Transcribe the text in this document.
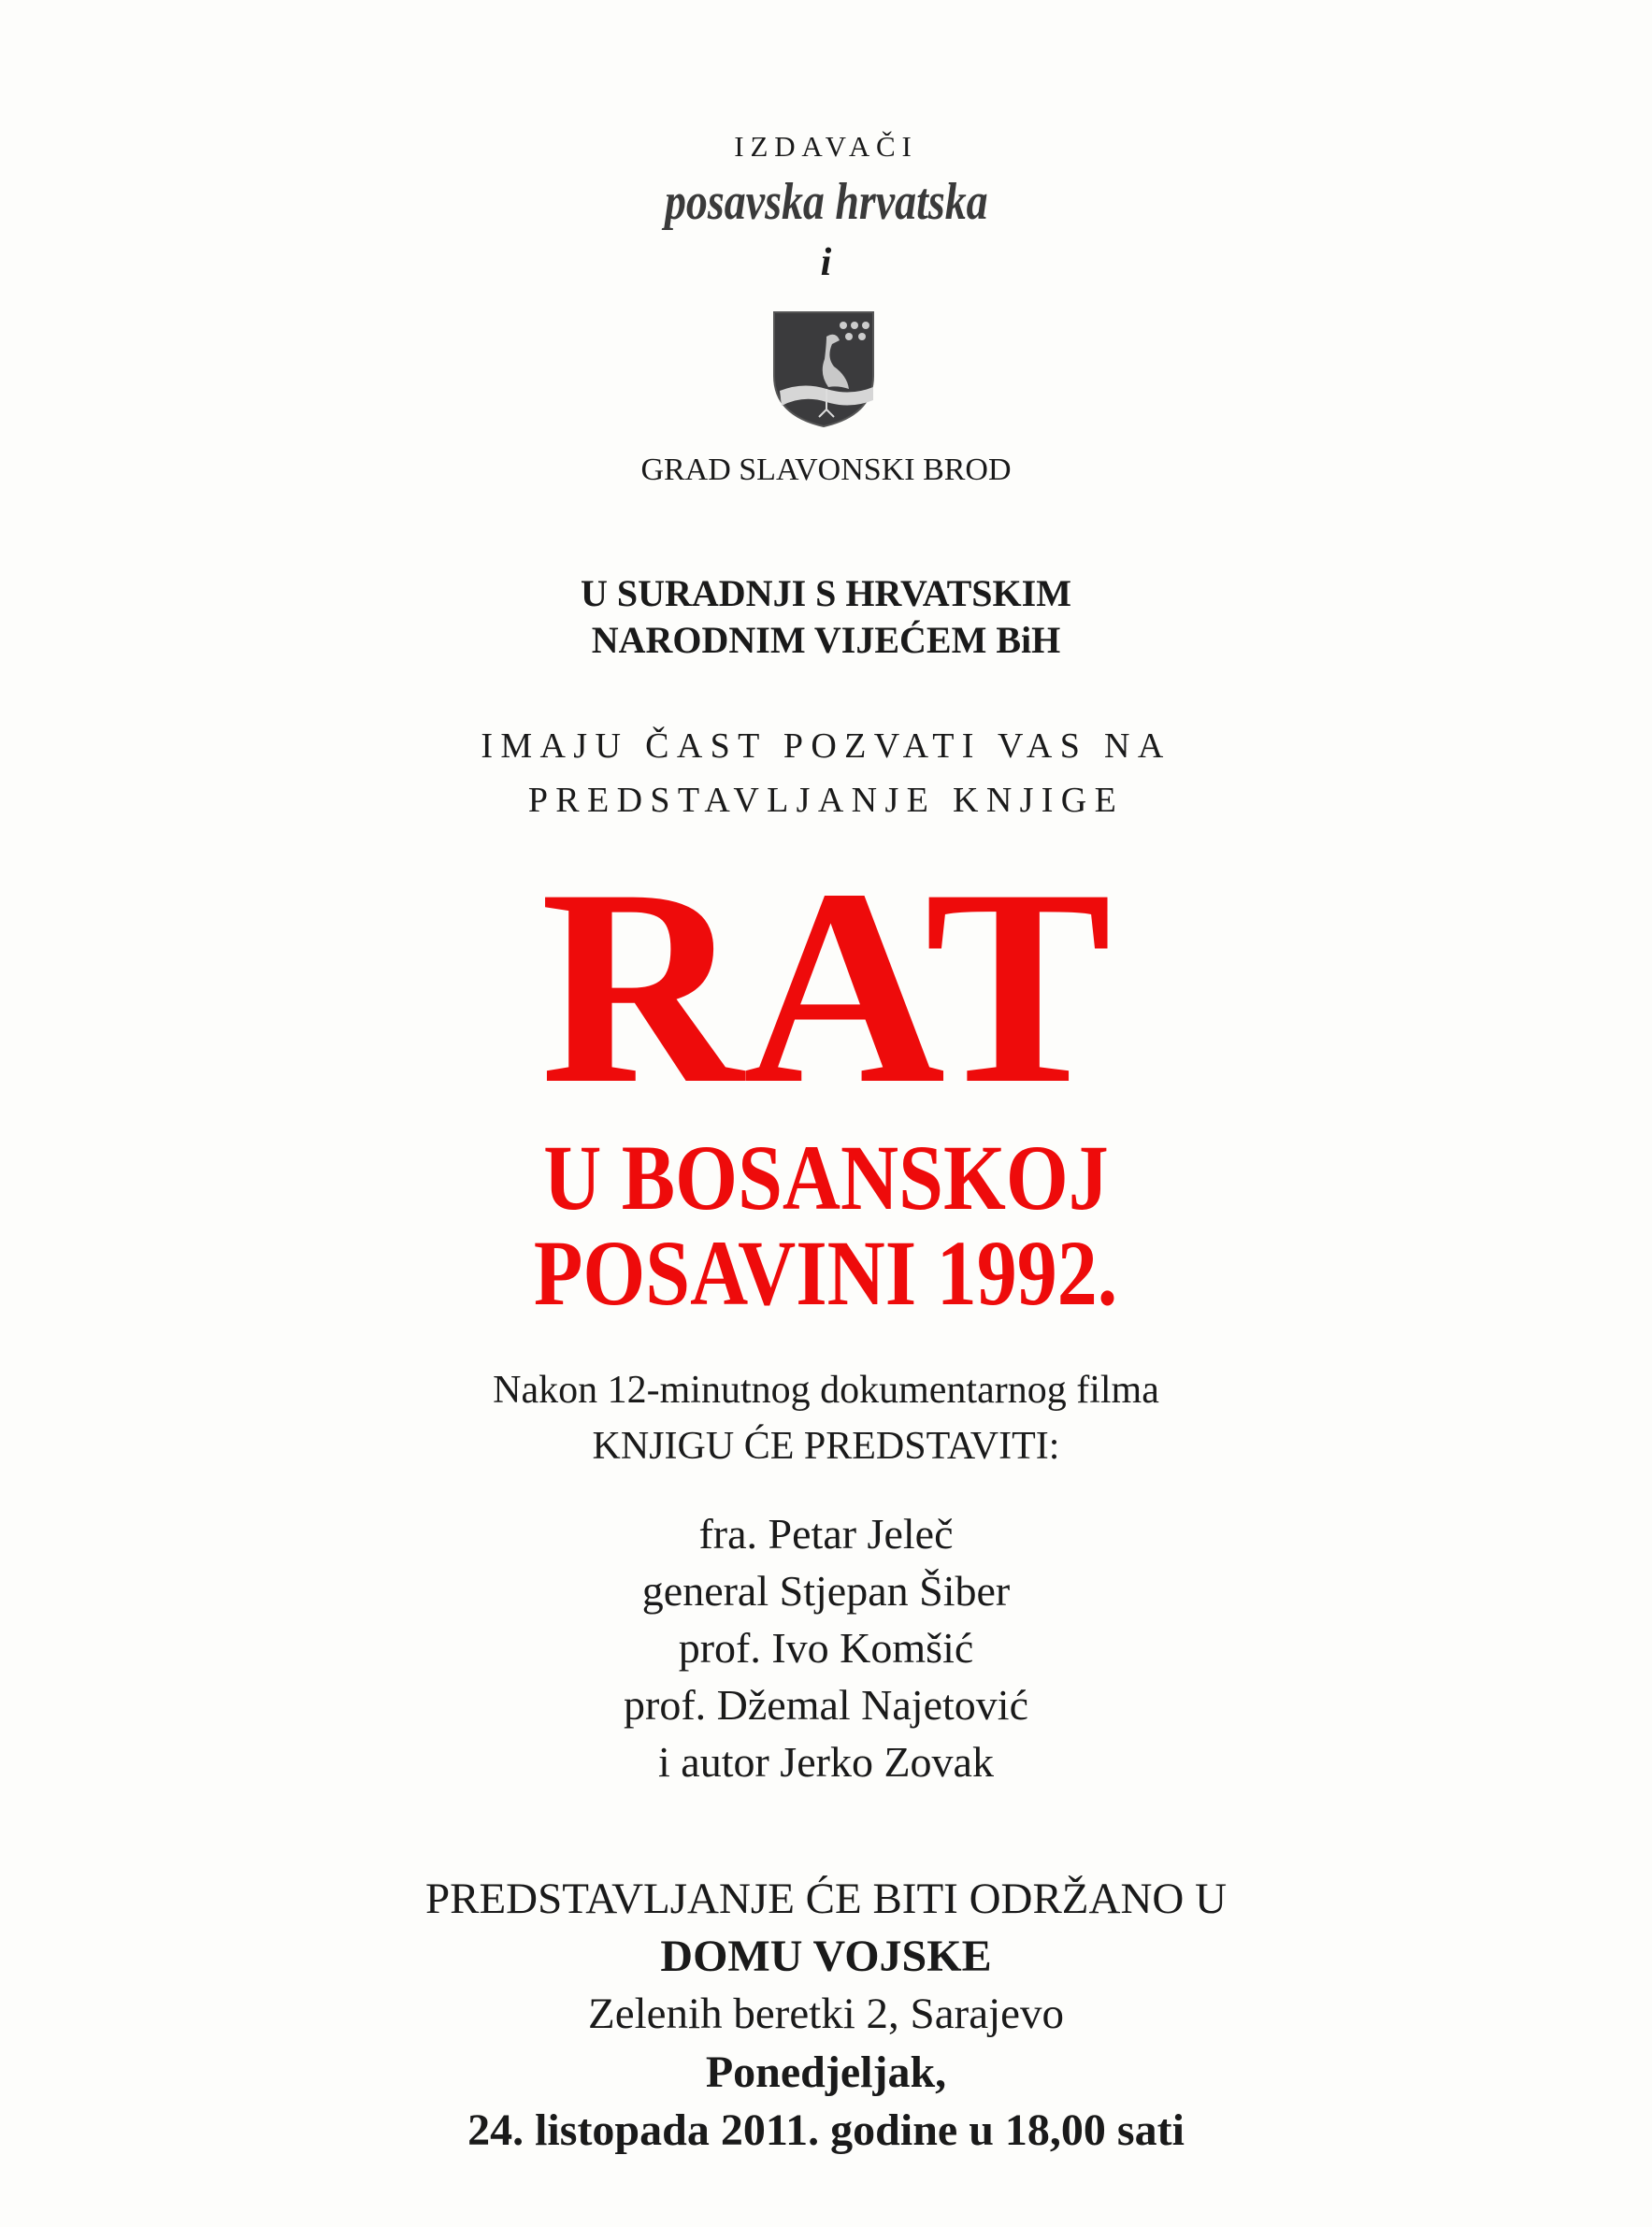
IZDAVAČI
posavska hrvatska
i
GRAD SLAVONSKI BROD
U SURADNJI S HRVATSKIM
NARODNIM VIJEĆEM BiH
IMAJU ČAST POZVATI VAS NA
PREDSTAVLJANJE KNJIGE
RAT
U BOSANSKOJ
POSAVINI 1992.
Nakon 12-minutnog dokumentarnog filma
KNJIGU ĆE PREDSTAVITI:
fra. Petar Jeleč
general Stjepan Šiber
prof. Ivo Komšić
prof. Džemal Najetović
i autor Jerko Zovak
PREDSTAVLJANJE ĆE BITI ODRŽANO U
DOMU VOJSKE
Zelenih beretki 2, Sarajevo
Ponedjeljak,
24. listopada 2011. godine u 18,00 sati
